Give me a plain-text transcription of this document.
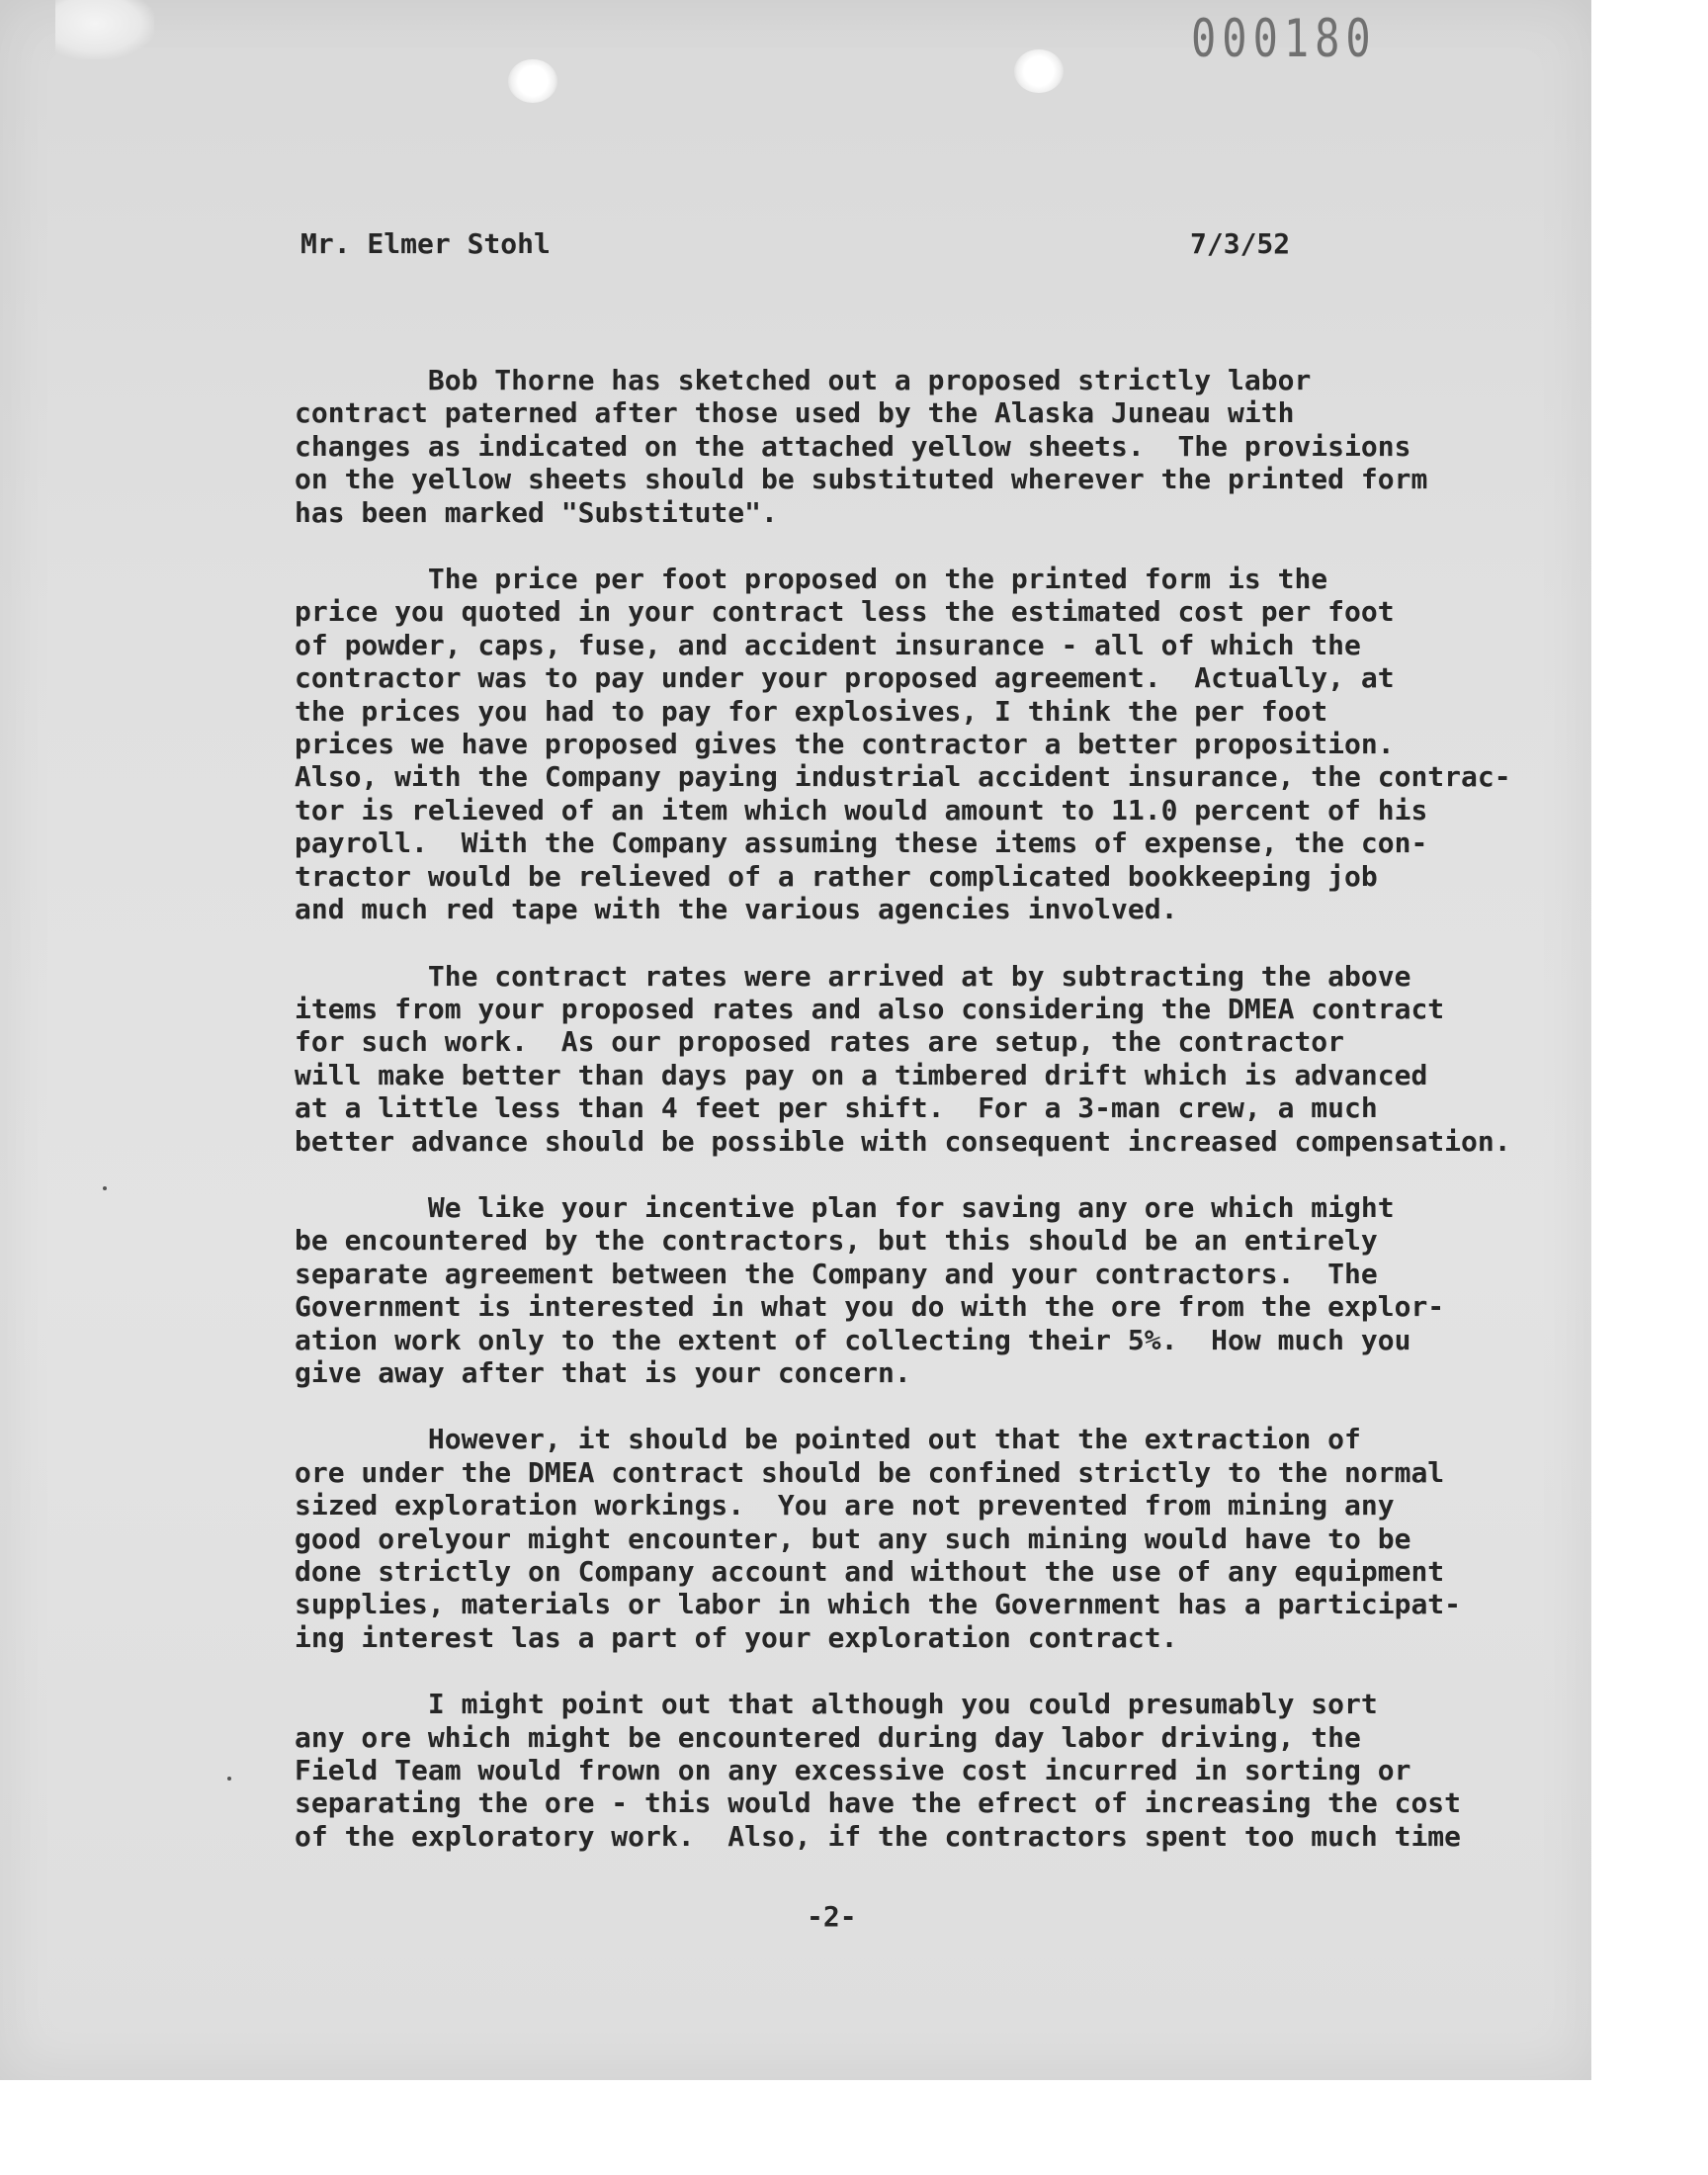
000180
Mr. Elmer Stohl	7/3/52

Bob Thorne has sketched out a proposed strictly labor
contract paterned after those used by the Alaska Juneau with
changes as indicated on the attached yellow sheets.  The provisions
on the yellow sheets should be substituted wherever the printed form
has been marked "Substitute".

The price per foot proposed on the printed form is the
price you quoted in your contract less the estimated cost per foot
of powder, caps, fuse, and accident insurance - all of which the
contractor was to pay under your proposed agreement.  Actually, at
the prices you had to pay for explosives, I think the per foot
prices we have proposed gives the contractor a better proposition.
Also, with the Company paying industrial accident insurance, the contrac-
tor is relieved of an item which would amount to 11.0 percent of his
payroll.  With the Company assuming these items of expense, the con-
tractor would be relieved of a rather complicated bookkeeping job
and much red tape with the various agencies involved.

The contract rates were arrived at by subtracting the above
items from your proposed rates and also considering the DMEA contract
for such work.  As our proposed rates are setup, the contractor
will make better than days pay on a timbered drift which is advanced
at a little less than 4 feet per shift.  For a 3-man crew, a much
better advance should be possible with consequent increased compensation.

We like your incentive plan for saving any ore which might
be encountered by the contractors, but this should be an entirely
separate agreement between the Company and your contractors.  The
Government is interested in what you do with the ore from the explor-
ation work only to the extent of collecting their 5%.  How much you
give away after that is your concern.

However, it should be pointed out that the extraction of
ore under the DMEA contract should be confined strictly to the normal
sized exploration workings.  You are not prevented from mining any
good orelyour might encounter, but any such mining would have to be
done strictly on Company account and without the use of any equipment
supplies, materials or labor in which the Government has a participat-
ing interest las a part of your exploration contract.

I might point out that although you could presumably sort
any ore which might be encountered during day labor driving, the
Field Team would frown on any excessive cost incurred in sorting or
separating the ore - this would have the efrect of increasing the cost
of the exploratory work.  Also, if the contractors spent too much time

-2-
